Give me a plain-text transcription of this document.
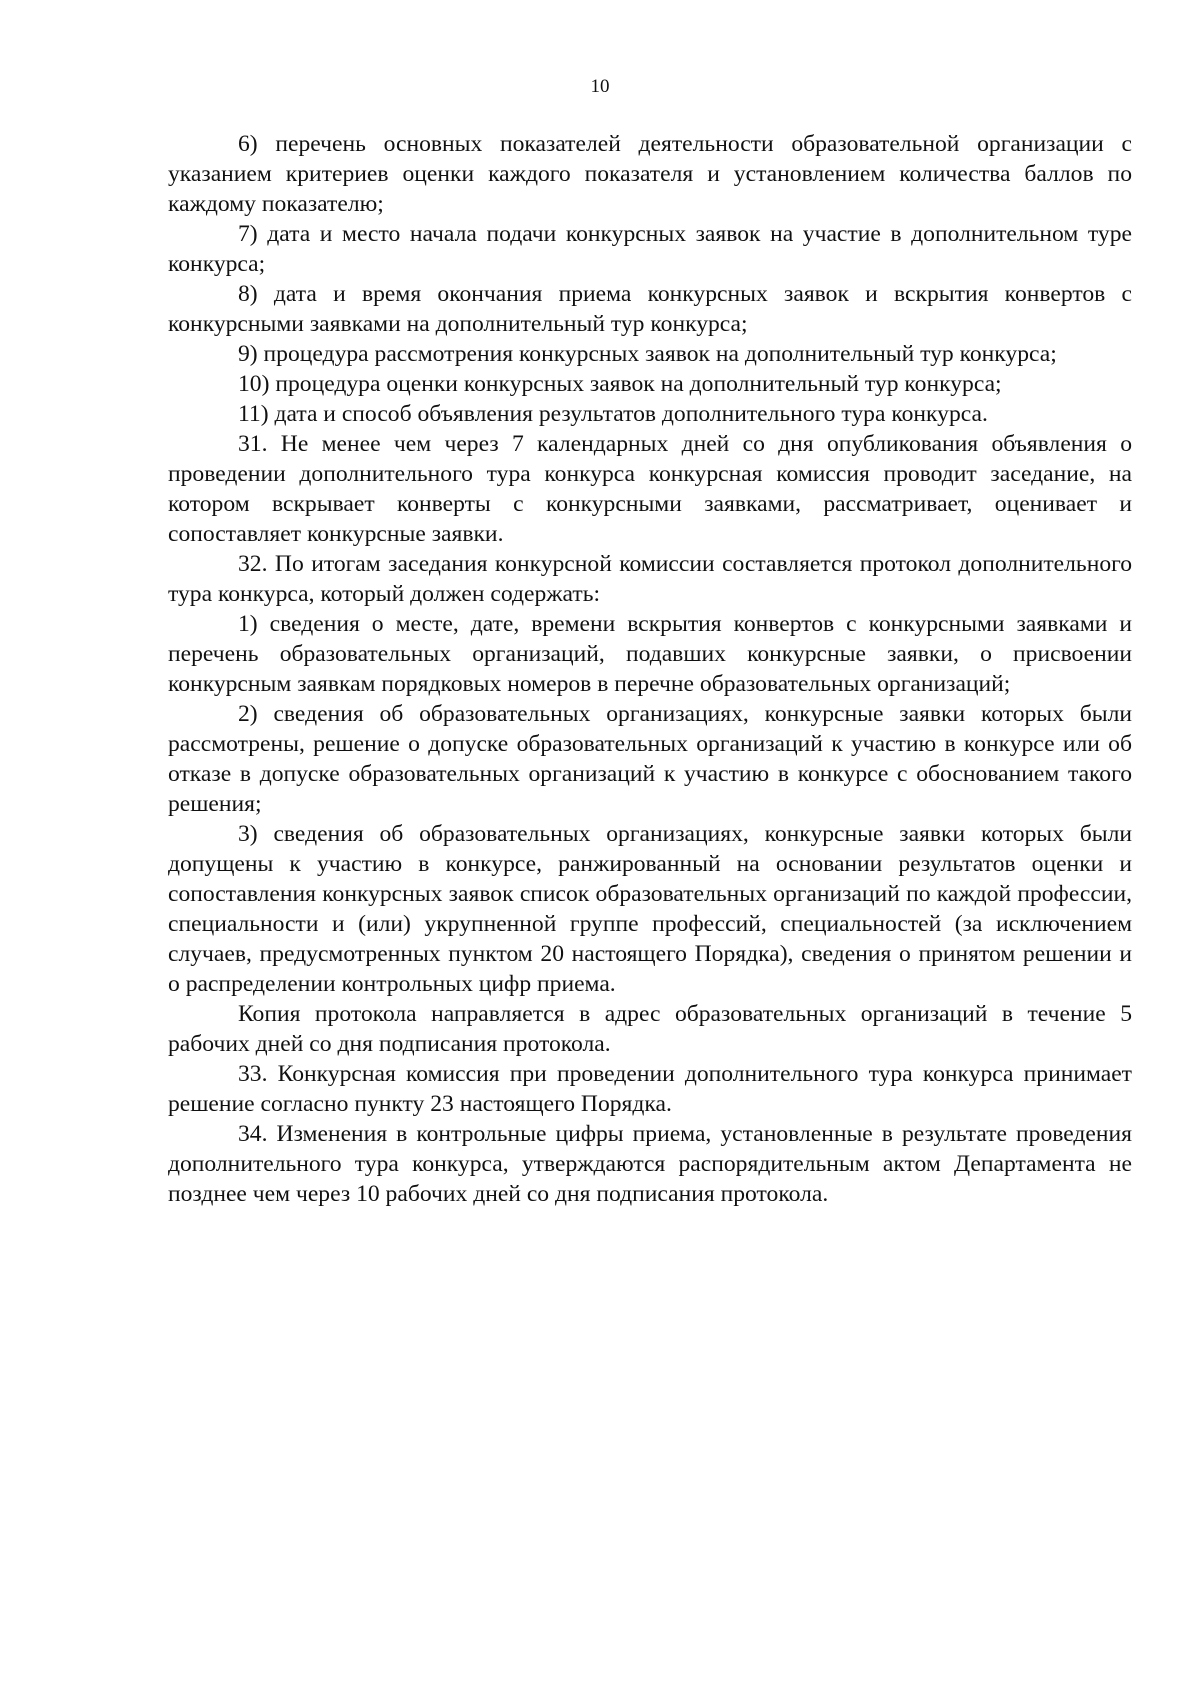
10

6) перечень основных показателей деятельности образовательной организации с указанием критериев оценки каждого показателя и установлением количества баллов по каждому показателю;

7) дата и место начала подачи конкурсных заявок на участие в дополнительном туре конкурса;

8) дата и время окончания приема конкурсных заявок и вскрытия конвертов с конкурсными заявками на дополнительный тур конкурса;

9) процедура рассмотрения конкурсных заявок на дополнительный тур конкурса;

10) процедура оценки конкурсных заявок на дополнительный тур конкурса;

11) дата и способ объявления результатов дополнительного тура конкурса.

31. Не менее чем через 7 календарных дней со дня опубликования объявления о проведении дополнительного тура конкурса конкурсная комиссия проводит заседание, на котором вскрывает конверты с конкурсными заявками, рассматривает, оценивает и сопоставляет конкурсные заявки.

32. По итогам заседания конкурсной комиссии составляется протокол дополнительного тура конкурса, который должен содержать:

1) сведения о месте, дате, времени вскрытия конвертов с конкурсными заявками и перечень образовательных организаций, подавших конкурсные заявки, о присвоении конкурсным заявкам порядковых номеров в перечне образовательных организаций;

2) сведения об образовательных организациях, конкурсные заявки которых были рассмотрены, решение о допуске образовательных организаций к участию в конкурсе или об отказе в допуске образовательных организаций к участию в конкурсе с обоснованием такого решения;

3) сведения об образовательных организациях, конкурсные заявки которых были допущены к участию в конкурсе, ранжированный на основании результатов оценки и сопоставления конкурсных заявок список образовательных организаций по каждой профессии, специальности и (или) укрупненной группе профессий, специальностей (за исключением случаев, предусмотренных пунктом 20 настоящего Порядка), сведения о принятом решении и о распределении контрольных цифр приема.

Копия протокола направляется в адрес образовательных организаций в течение 5 рабочих дней со дня подписания протокола.

33. Конкурсная комиссия при проведении дополнительного тура конкурса принимает решение согласно пункту 23 настоящего Порядка.

34. Изменения в контрольные цифры приема, установленные в результате проведения дополнительного тура конкурса, утверждаются распорядительным актом Департамента не позднее чем через 10 рабочих дней со дня подписания протокола.
